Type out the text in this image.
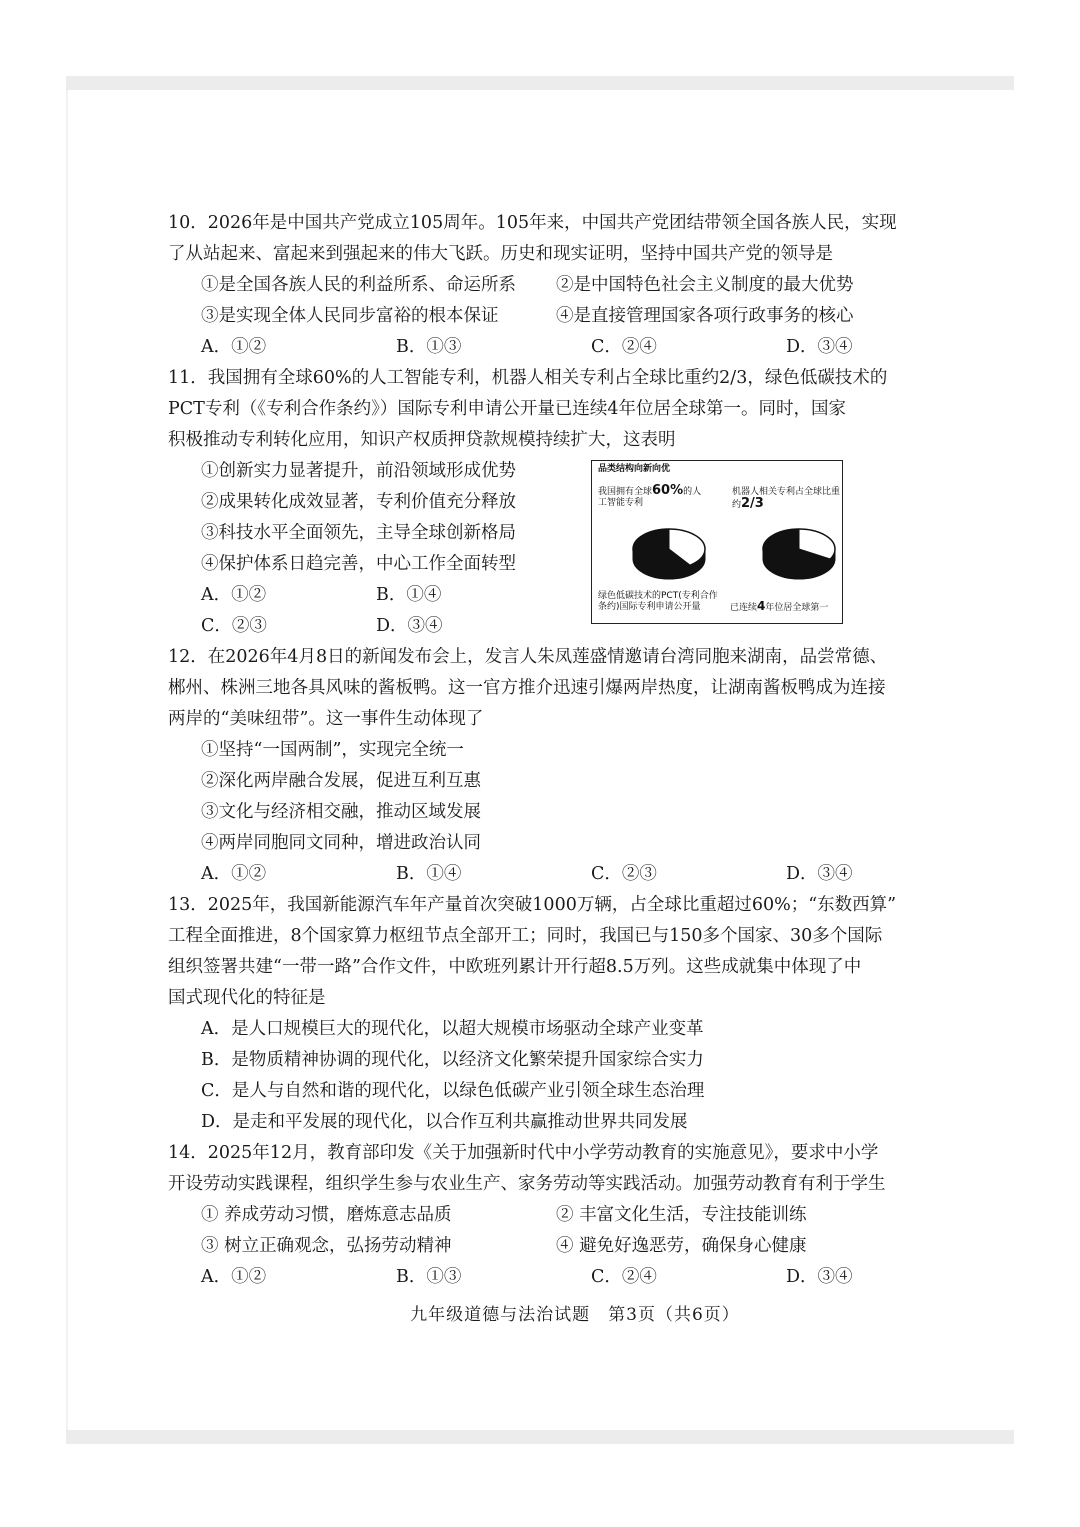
10．2026年是中国共产党成立105周年。105年来，中国共产党团结带领全国各族人民，实现
了从站起来、富起来到强起来的伟大飞跃。历史和现实证明，坚持中国共产党的领导是
①是全国各族人民的利益所系、命运所系	②是中国特色社会主义制度的最大优势
③是实现全体人民同步富裕的根本保证	④是直接管理国家各项行政事务的核心
A．①②	B．①③	C．②④	D．③④
11．我国拥有全球60%的人工智能专利，机器人相关专利占全球比重约2/3，绿色低碳技术的
PCT专利（《专利合作条约》）国际专利申请公开量已连续4年位居全球第一。同时，国家
积极推动专利转化应用，知识产权质押贷款规模持续扩大，这表明
①创新实力显著提升，前沿领域形成优势
②成果转化成效显著，专利价值充分释放
③科技水平全面领先，主导全球创新格局
④保护体系日趋完善，中心工作全面转型
A．①②	B．①④
C．②③	D．③④
品类结构向新向优
我国拥有全球60%的人工智能专利
机器人相关专利占全球比重约2/3
绿色低碳技术的PCT(专利合作条约)国际专利申请公开量	已连续4年位居全球第一
12．在2026年4月8日的新闻发布会上，发言人朱凤莲盛情邀请台湾同胞来湖南，品尝常德、
郴州、株洲三地各具风味的酱板鸭。这一官方推介迅速引爆两岸热度，让湖南酱板鸭成为连接
两岸的“美味纽带”。这一事件生动体现了
①坚持“一国两制”，实现完全统一
②深化两岸融合发展，促进互利互惠
③文化与经济相交融，推动区域发展
④两岸同胞同文同种，增进政治认同
A．①②	B．①④	C．②③	D．③④
13．2025年，我国新能源汽车年产量首次突破1000万辆，占全球比重超过60%；“东数西算”
工程全面推进，8个国家算力枢纽节点全部开工；同时，我国已与150多个国家、30多个国际
组织签署共建“一带一路”合作文件，中欧班列累计开行超8.5万列。这些成就集中体现了中
国式现代化的特征是
A．是人口规模巨大的现代化，以超大规模市场驱动全球产业变革
B．是物质精神协调的现代化，以经济文化繁荣提升国家综合实力
C．是人与自然和谐的现代化，以绿色低碳产业引领全球生态治理
D．是走和平发展的现代化，以合作互利共赢推动世界共同发展
14．2025年12月，教育部印发《关于加强新时代中小学劳动教育的实施意见》，要求中小学
开设劳动实践课程，组织学生参与农业生产、家务劳动等实践活动。加强劳动教育有利于学生
① 养成劳动习惯，磨炼意志品质	② 丰富文化生活，专注技能训练
③ 树立正确观念，弘扬劳动精神	④ 避免好逸恶劳，确保身心健康
A．①②	B．①③	C．②④	D．③④
九年级道德与法治试题　第3页（共6页）
